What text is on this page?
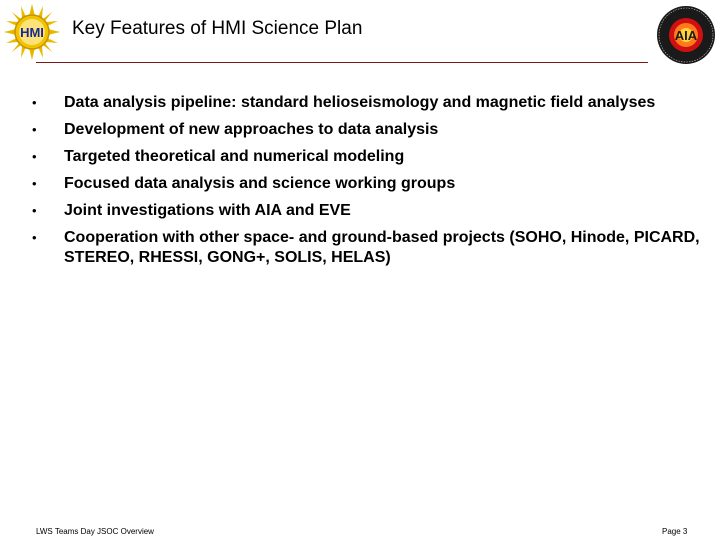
HMI Key Features of HMI Science Plan	AIA
• Data analysis pipeline: standard helioseismology and magnetic field analyses
• Development of new approaches to data analysis
• Targeted theoretical and numerical modeling
• Focused data analysis and science working groups
• Joint investigations with AIA and EVE
• Cooperation with other space- and ground-based projects (SOHO, Hinode, PICARD, STEREO, RHESSI, GONG+, SOLIS, HELAS)
LWS Teams Day JSOC Overview	Page 3
